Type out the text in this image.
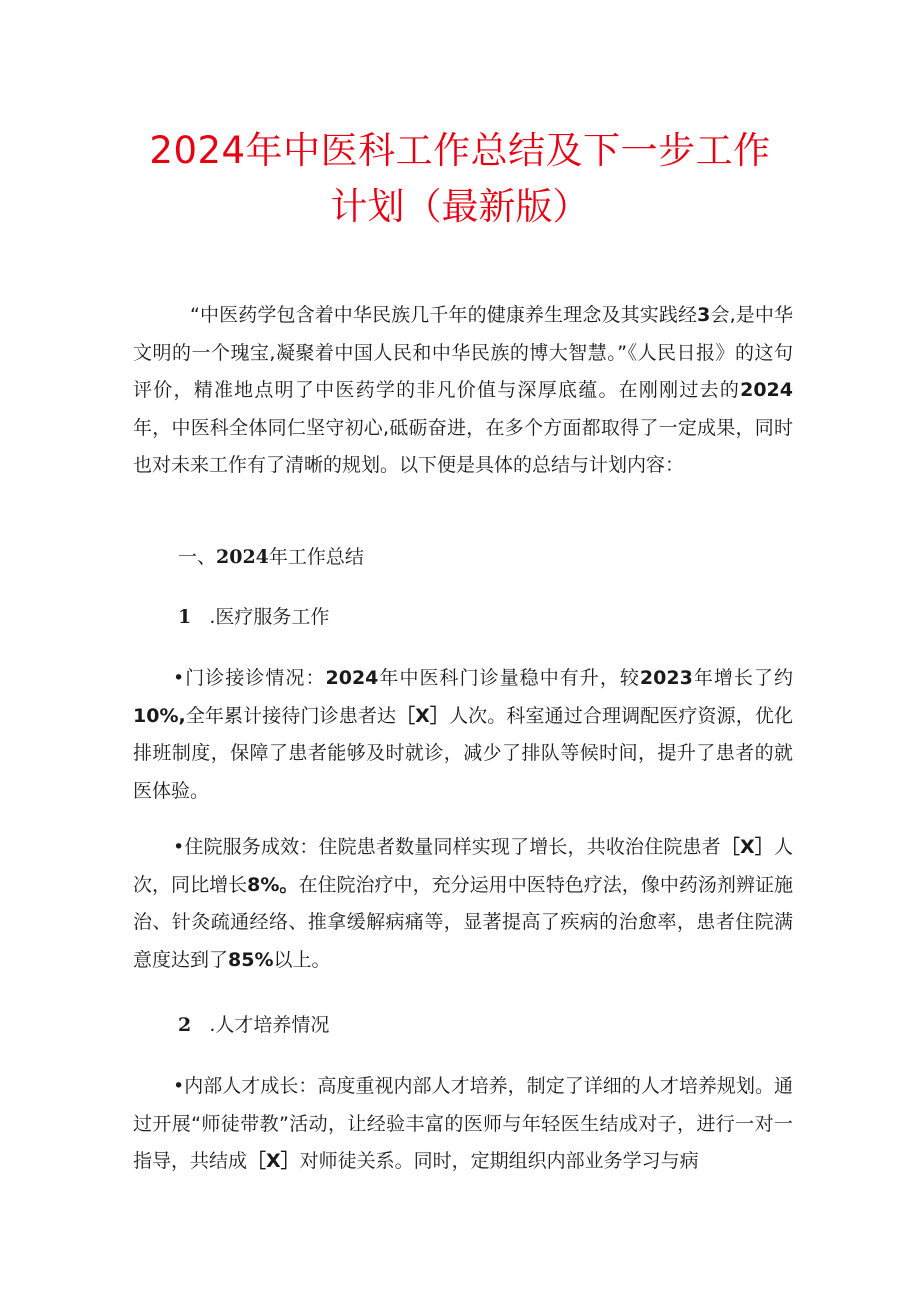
2024年中医科工作总结及下一步工作
计划（最新版）

“中医药学包含着中华民族几千年的健康养生理念及其实践经3会,是中华文明的一个瑰宝,凝聚着中国人民和中华民族的博大智慧。”《人民日报》的这句评价，精准地点明了中医药学的非凡价值与深厚底蕴。在刚刚过去的2024年，中医科全体同仁坚守初心,砥砺奋进，在多个方面都取得了一定成果，同时也对未来工作有了清晰的规划。以下便是具体的总结与计划内容：

一、2024年工作总结

1 .医疗服务工作

•门诊接诊情况：2024年中医科门诊量稳中有升，较2023年增长了约10%,全年累计接待门诊患者达［X］人次。科室通过合理调配医疗资源，优化排班制度，保障了患者能够及时就诊，减少了排队等候时间，提升了患者的就医体验。

•住院服务成效：住院患者数量同样实现了增长，共收治住院患者［X］人次，同比增长8%。在住院治疗中，充分运用中医特色疗法，像中药汤剂辨证施治、针灸疏通经络、推拿缓解病痛等，显著提高了疾病的治愈率，患者住院满意度达到了85%以上。

2 .人才培养情况

•内部人才成长：高度重视内部人才培养，制定了详细的人才培养规划。通过开展“师徒带教”活动，让经验丰富的医师与年轻医生结成对子，进行一对一指导，共结成［X］对师徒关系。同时，定期组织内部业务学习与病
